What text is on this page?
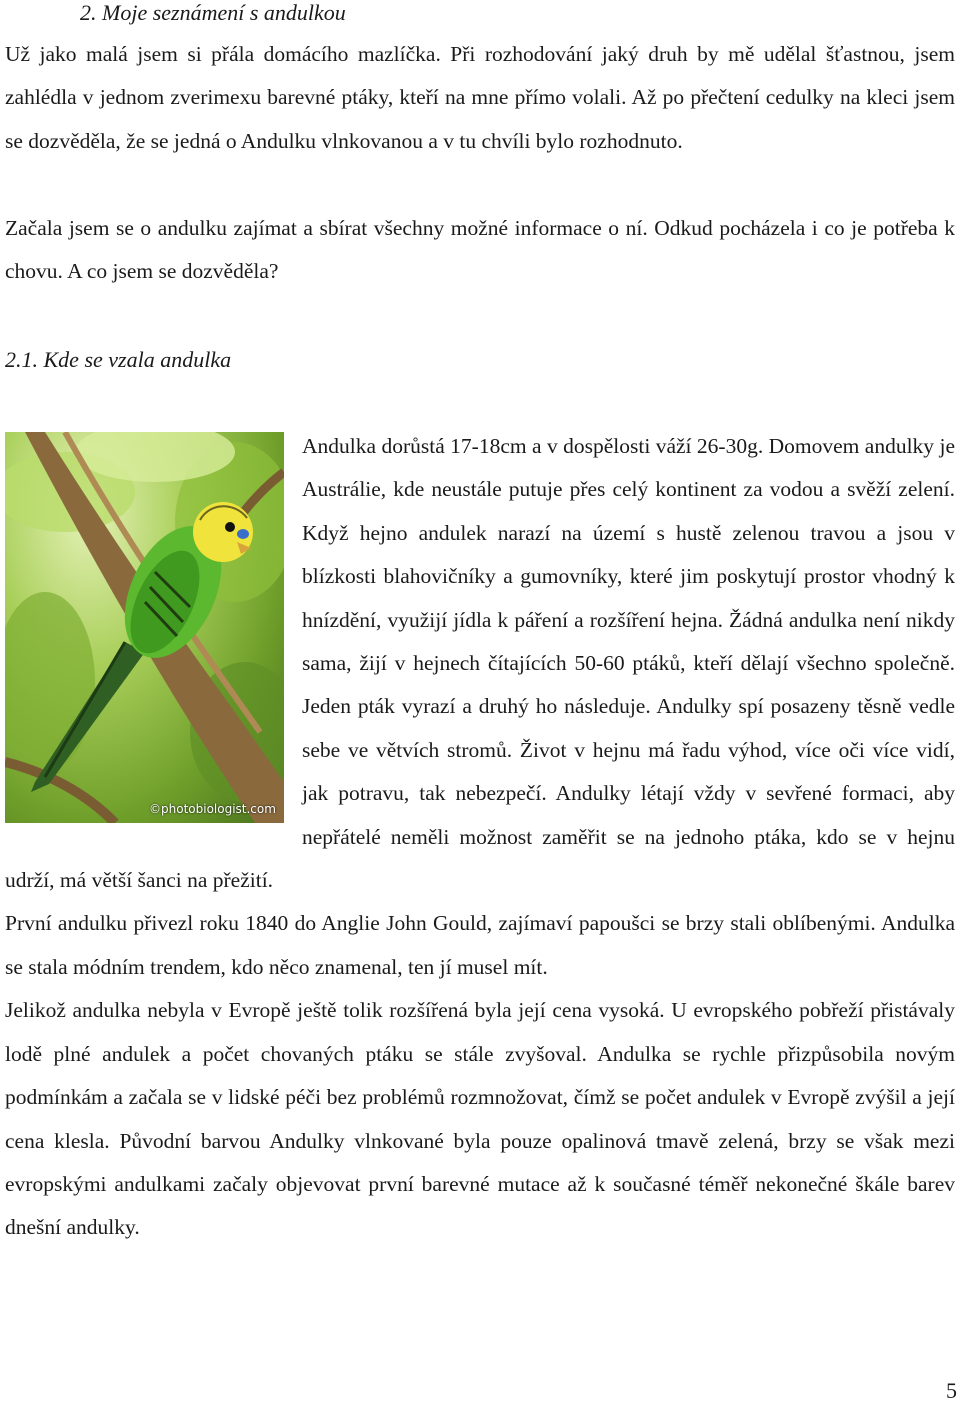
2. Moje seznámení s andulkou

Už jako malá jsem si přála domácího mazlíčka. Při rozhodování jaký druh by mě udělal šťastnou, jsem zahlédla v jednom zverimexu barevné ptáky, kteří na mne přímo volali. Až po přečtení cedulky na kleci jsem se dozvěděla, že se jedná o Andulku vlnkovanou a v tu chvíli bylo rozhodnuto.

Začala jsem se o andulku zajímat a sbírat všechny možné informace o ní. Odkud pocházela i co je potřeba k chovu. A co jsem se dozvěděla?

2.1. Kde se vzala andulka
©photobiologist.com

Andulka dorůstá 17-18cm a v dospělosti váží 26-30g. Domovem andulky je Austrálie, kde neustále putuje přes celý kontinent za vodou a svěží zelení. Když hejno andulek narazí na území s hustě zelenou travou a jsou v blízkosti blahovičníky a gumovníky, které jim poskytují prostor vhodný k hnízdění, využijí jídla k páření a rozšíření hejna. Žádná andulka není nikdy sama, žijí v hejnech čítajících 50-60 ptáků, kteří dělají všechno společně. Jeden pták vyrazí a druhý ho následuje. Andulky spí posazeny těsně vedle sebe ve větvích stromů. Život v hejnu má řadu výhod, více oči více vidí, jak potravu, tak nebezpečí. Andulky létají vždy v sevřené formaci, aby nepřátelé neměli možnost zaměřit se na jednoho ptáka, kdo se v hejnu udrží, má větší šanci na přežití.

První andulku přivezl roku 1840 do Anglie John Gould, zajímaví papoušci se brzy stali oblíbenými. Andulka se stala módním trendem, kdo něco znamenal, ten jí musel mít.

Jelikož andulka nebyla v Evropě ještě tolik rozšířená byla její cena vysoká. U evropského pobřeží přistávaly lodě plné andulek a počet chovaných ptáku se stále zvyšoval. Andulka se rychle přizpůsobila novým podmínkám a začala se v lidské péči bez problémů rozmnožovat, čímž se počet andulek v Evropě zvýšil a její cena klesla. Původní barvou Andulky vlnkované byla pouze opalinová tmavě zelená, brzy se však mezi evropskými andulkami začaly objevovat první barevné mutace až k současné téměř nekonečné škále barev dnešní andulky.

5
